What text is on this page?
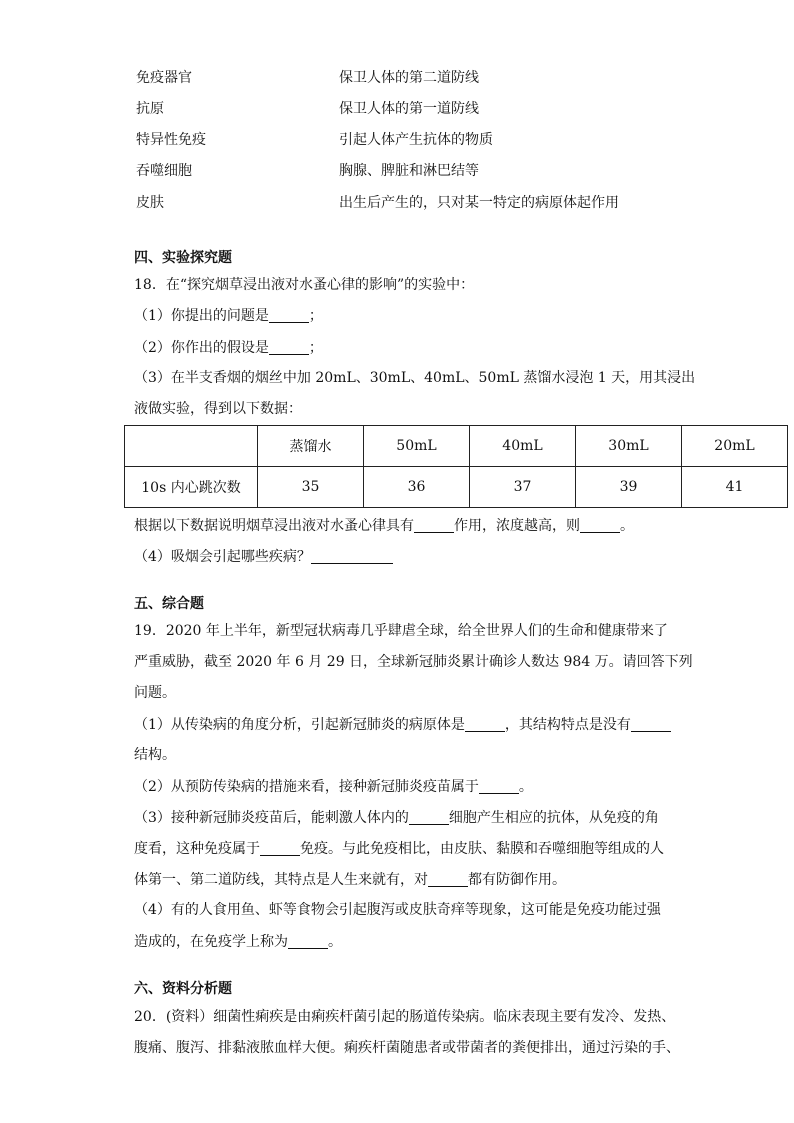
免疫器官	保卫人体的第二道防线
抗原	保卫人体的第一道防线
特异性免疫	引起人体产生抗体的物质
吞噬细胞	胸腺、脾脏和淋巴结等
皮肤	出生后产生的，只对某一特定的病原体起作用
四、实验探究题
18．在“探究烟草浸出液对水蚤心律的影响”的实验中：
（1）你提出的问题是	；
（2）你作出的假设是	；
（3）在半支香烟的烟丝中加 20mL、30mL、40mL、50mL 蒸馏水浸泡 1 天，用其浸出
液做实验，得到以下数据：
	蒸馏水	50mL	40mL	30mL	20mL
10s 内心跳次数	35	36	37	39	41
根据以下数据说明烟草浸出液对水蚤心律具有	作用，浓度越高，则	。
（4）吸烟会引起哪些疾病？
五、综合题
19．2020 年上半年，新型冠状病毒几乎肆虐全球，给全世界人们的生命和健康带来了
严重威胁，截至 2020 年 6 月 29 日，全球新冠肺炎累计确诊人数达 984 万。请回答下列
问题。
（1）从传染病的角度分析，引起新冠肺炎的病原体是	，其结构特点是没有
结构。
（2）从预防传染病的措施来看，接种新冠肺炎疫苗属于	。
（3）接种新冠肺炎疫苗后，能刺激人体内的	细胞产生相应的抗体，从免疫的角
度看，这种免疫属于	免疫。与此免疫相比，由皮肤、黏膜和吞噬细胞等组成的人
体第一、第二道防线，其特点是人生来就有，对	都有防御作用。
（4）有的人食用鱼、虾等食物会引起腹泻或皮肤奇痒等现象，这可能是免疫功能过强
造成的，在免疫学上称为	。
六、资料分析题
20．(资料）细菌性痢疾是由痢疾杆菌引起的肠道传染病。临床表现主要有发冷、发热、
腹痛、腹泻、排黏液脓血样大便。痢疾杆菌随患者或带菌者的粪便排出，通过污染的手、
